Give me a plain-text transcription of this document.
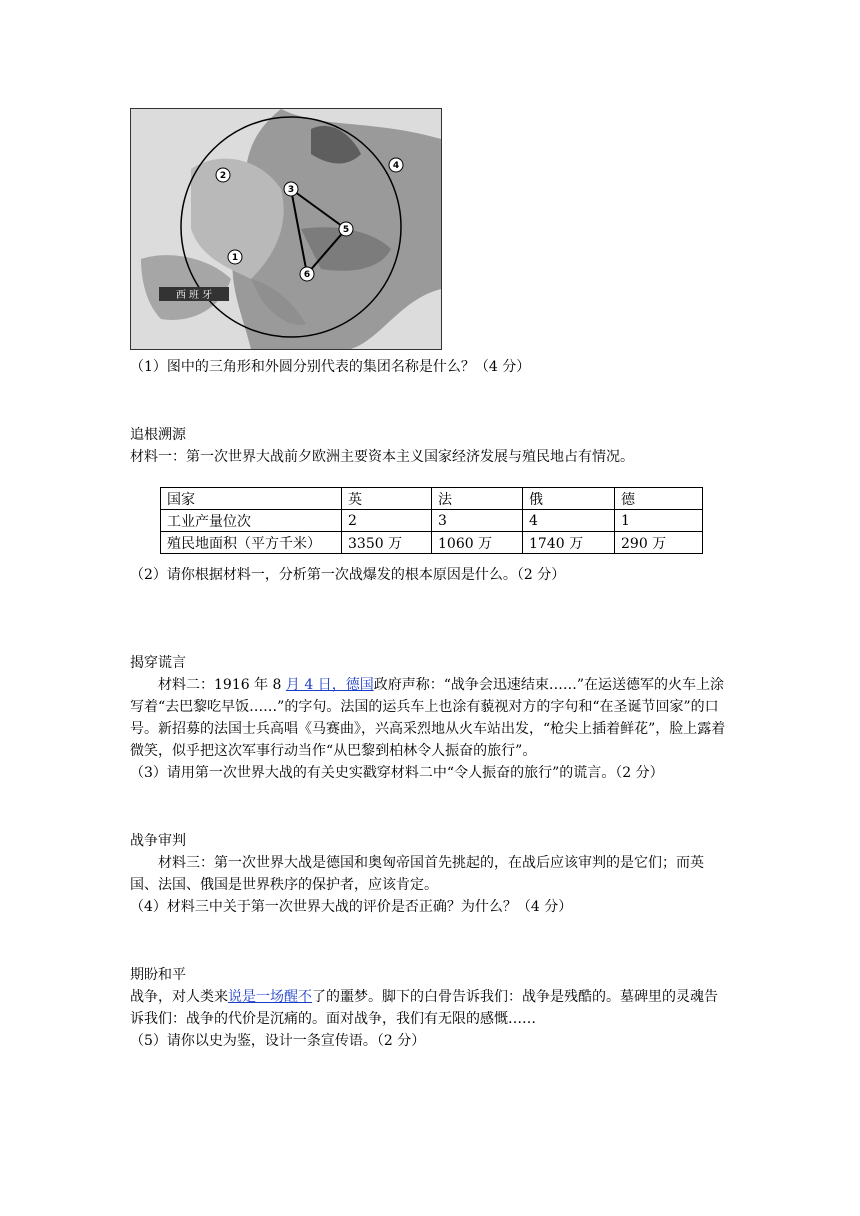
1
2
3
4
5
6
西 班 牙
（1）图中的三角形和外圆分别代表的集团名称是什么？（4 分）
追根溯源
材料一：第一次世界大战前夕欧洲主要资本主义国家经济发展与殖民地占有情况。
国家	英	法	俄	德
工业产量位次	2	3	4	1
殖民地面积（平方千米）	3350 万	1060 万	1740 万	290 万
（2）请你根据材料一，分析第一次战爆发的根本原因是什么。（2 分）
揭穿谎言
材料二：1916 年 8 月 4 日，德国政府声称：“战争会迅速结束……”在运送德军的火车上涂写着“去巴黎吃早饭……”的字句。法国的运兵车上也涂有藐视对方的字句和“在圣诞节回家”的口号。新招募的法国士兵高唱《马赛曲》，兴高采烈地从火车站出发，“枪尖上插着鲜花”，脸上露着微笑，似乎把这次军事行动当作“从巴黎到柏林令人振奋的旅行”。
（3）请用第一次世界大战的有关史实戳穿材料二中“令人振奋的旅行”的谎言。（2 分）
战争审判
材料三：第一次世界大战是德国和奥匈帝国首先挑起的，在战后应该审判的是它们；而英国、法国、俄国是世界秩序的保护者，应该肯定。
（4）材料三中关于第一次世界大战的评价是否正确？为什么？（4 分）
期盼和平
战争，对人类来说是一场醒不了的噩梦。脚下的白骨告诉我们：战争是残酷的。墓碑里的灵魂告诉我们：战争的代价是沉痛的。面对战争，我们有无限的感慨……
（5）请你以史为鉴，设计一条宣传语。（2 分）
